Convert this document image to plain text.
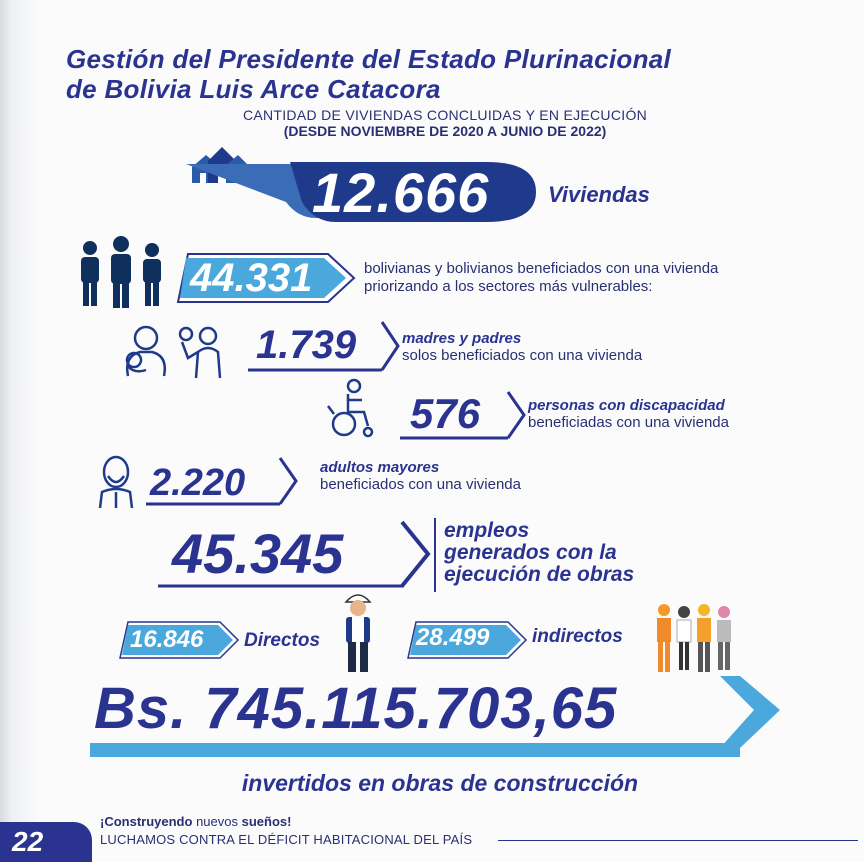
Gestión del Presidente del Estado Plurinacional
de Bolivia Luis Arce Catacora
CANTIDAD DE VIVIENDAS CONCLUIDAS Y EN EJECUCIÓN
(DESDE NOVIEMBRE DE 2020 A JUNIO DE 2022)
12.666	Viviendas
44.331	bolivianas y bolivianos beneficiados con una vivienda
priorizando a los sectores más vulnerables:
1.739	madres y padres
solos beneficiados con una vivienda
576	personas con discapacidad
beneficiadas con una vivienda
2.220	adultos mayores
beneficiados con una vivienda
45.345	empleos
generados con la
ejecución de obras
16.846 Directos	28.499 indirectos
Bs. 745.115.703,65
invertidos en obras de construcción
22
¡Construyendo nuevos sueños!
LUCHAMOS CONTRA EL DÉFICIT HABITACIONAL DEL PAÍS
